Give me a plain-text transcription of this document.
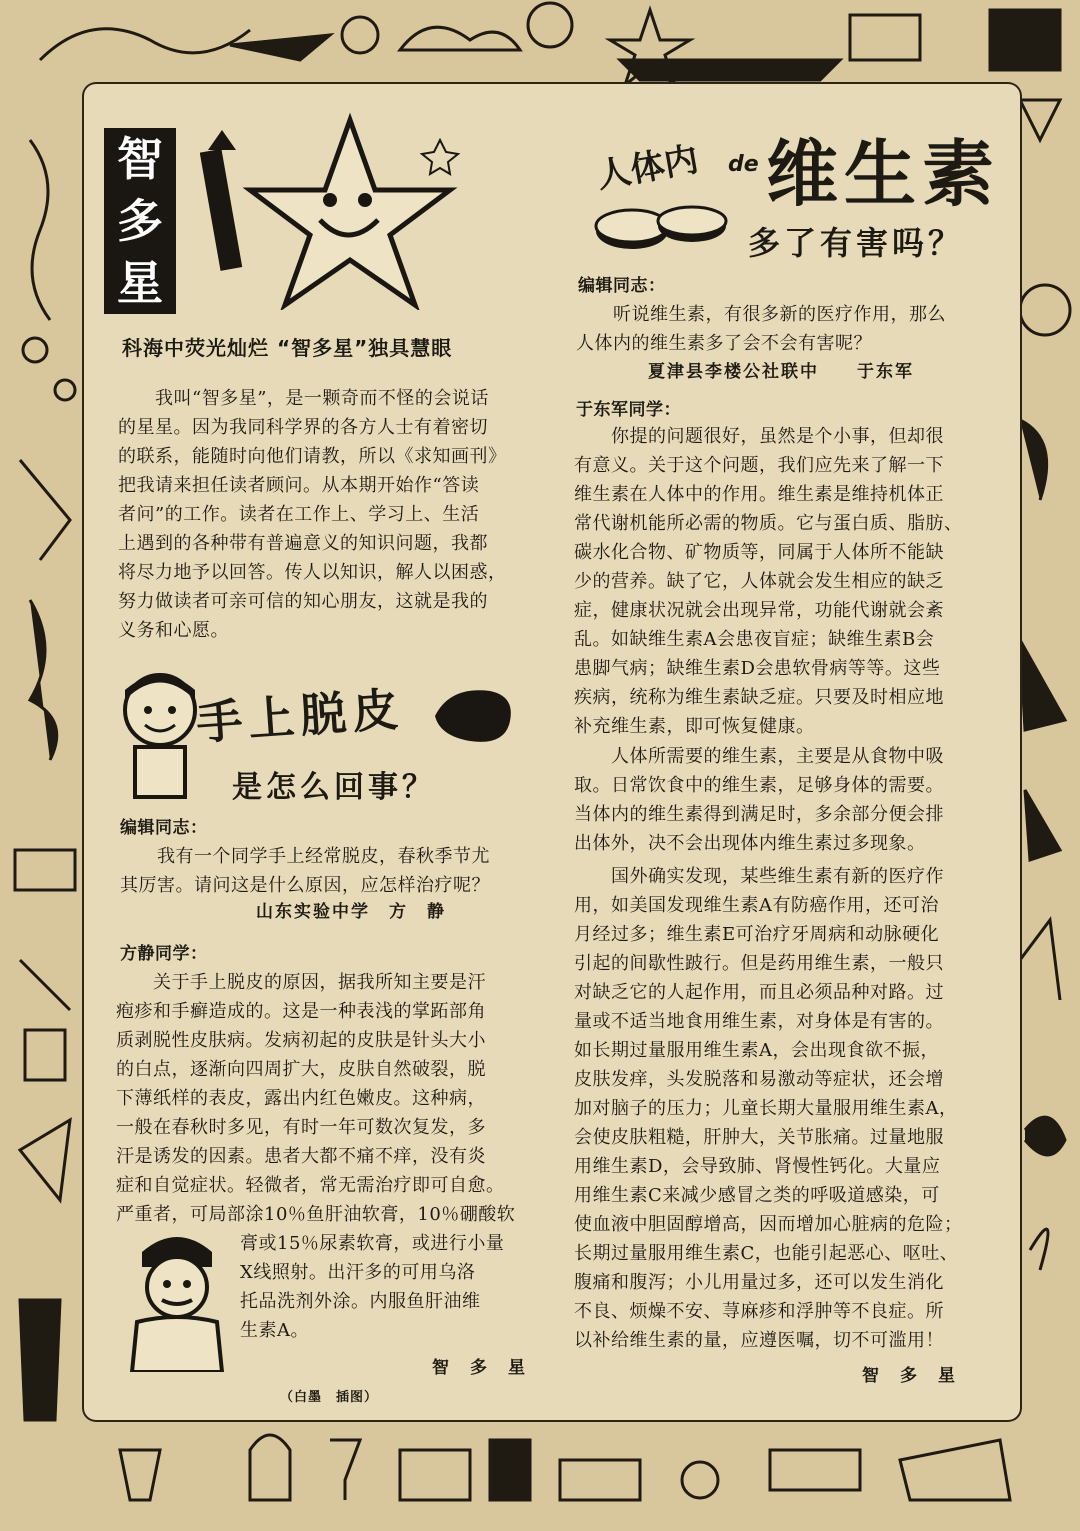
智
多
星
科海中荧光灿烂 “智多星”独具慧眼

　　我叫“智多星”，是一颗奇而不怪的会说话
的星星。因为我同科学界的各方人士有着密切
的联系，能随时向他们请教，所以《求知画刊》
把我请来担任读者顾问。从本期开始作“答读
者问”的工作。读者在工作上、学习上、生活
上遇到的各种带有普遍意义的知识问题，我都
将尽力地予以回答。传人以知识，解人以困惑，
努力做读者可亲可信的知心朋友，这就是我的
义务和心愿。

手上脱皮
是怎么回事？

编辑同志：

　　我有一个同学手上经常脱皮，春秋季节尤
其厉害。请问这是什么原因，应怎样治疗呢？

山东实验中学　方　静

方静同学：

　　关于手上脱皮的原因，据我所知主要是汗
疱疹和手癣造成的。这是一种表浅的掌跖部角
质剥脱性皮肤病。发病初起的皮肤是针头大小
的白点，逐渐向四周扩大，皮肤自然破裂，脱
下薄纸样的表皮，露出内红色嫩皮。这种病，
一般在春秋时多见，有时一年可数次复发，多
汗是诱发的因素。患者大都不痛不痒，没有炎
症和自觉症状。轻微者，常无需治疗即可自愈。
严重者，可局部涂10％鱼肝油软膏，10％硼酸软

膏或15％尿素软膏，或进行小量
X线照射。出汗多的可用乌洛
托品洗剂外涂。内服鱼肝油维
生素A。

智　多　星

（白墨　插图）
人体内 de 维生素
多了有害吗？

编辑同志：

　　听说维生素，有很多新的医疗作用，那么
人体内的维生素多了会不会有害呢？

夏津县李楼公社联中　　于东军

于东军同学：

　　你提的问题很好，虽然是个小事，但却很
有意义。关于这个问题，我们应先来了解一下
维生素在人体中的作用。维生素是维持机体正
常代谢机能所必需的物质。它与蛋白质、脂肪、
碳水化合物、矿物质等，同属于人体所不能缺
少的营养。缺了它，人体就会发生相应的缺乏
症，健康状况就会出现异常，功能代谢就会紊
乱。如缺维生素A会患夜盲症；缺维生素B会
患脚气病；缺维生素D会患软骨病等等。这些
疾病，统称为维生素缺乏症。只要及时相应地
补充维生素，即可恢复健康。

　　人体所需要的维生素，主要是从食物中吸
取。日常饮食中的维生素，足够身体的需要。
当体内的维生素得到满足时，多余部分便会排
出体外，决不会出现体内维生素过多现象。

　　国外确实发现，某些维生素有新的医疗作
用，如美国发现维生素A有防癌作用，还可治
月经过多；维生素E可治疗牙周病和动脉硬化
引起的间歇性跛行。但是药用维生素，一般只
对缺乏它的人起作用，而且必须品种对路。过
量或不适当地食用维生素，对身体是有害的。
如长期过量服用维生素A，会出现食欲不振，
皮肤发痒，头发脱落和易激动等症状，还会增
加对脑子的压力；儿童长期大量服用维生素A，
会使皮肤粗糙，肝肿大，关节胀痛。过量地服
用维生素D，会导致肺、肾慢性钙化。大量应
用维生素C来减少感冒之类的呼吸道感染，可
使血液中胆固醇增高，因而增加心脏病的危险；
长期过量服用维生素C，也能引起恶心、呕吐、
腹痛和腹泻；小儿用量过多，还可以发生消化
不良、烦燥不安、荨麻疹和浮肿等不良症。所
以补给维生素的量，应遵医嘱，切不可滥用！

智　多　星
